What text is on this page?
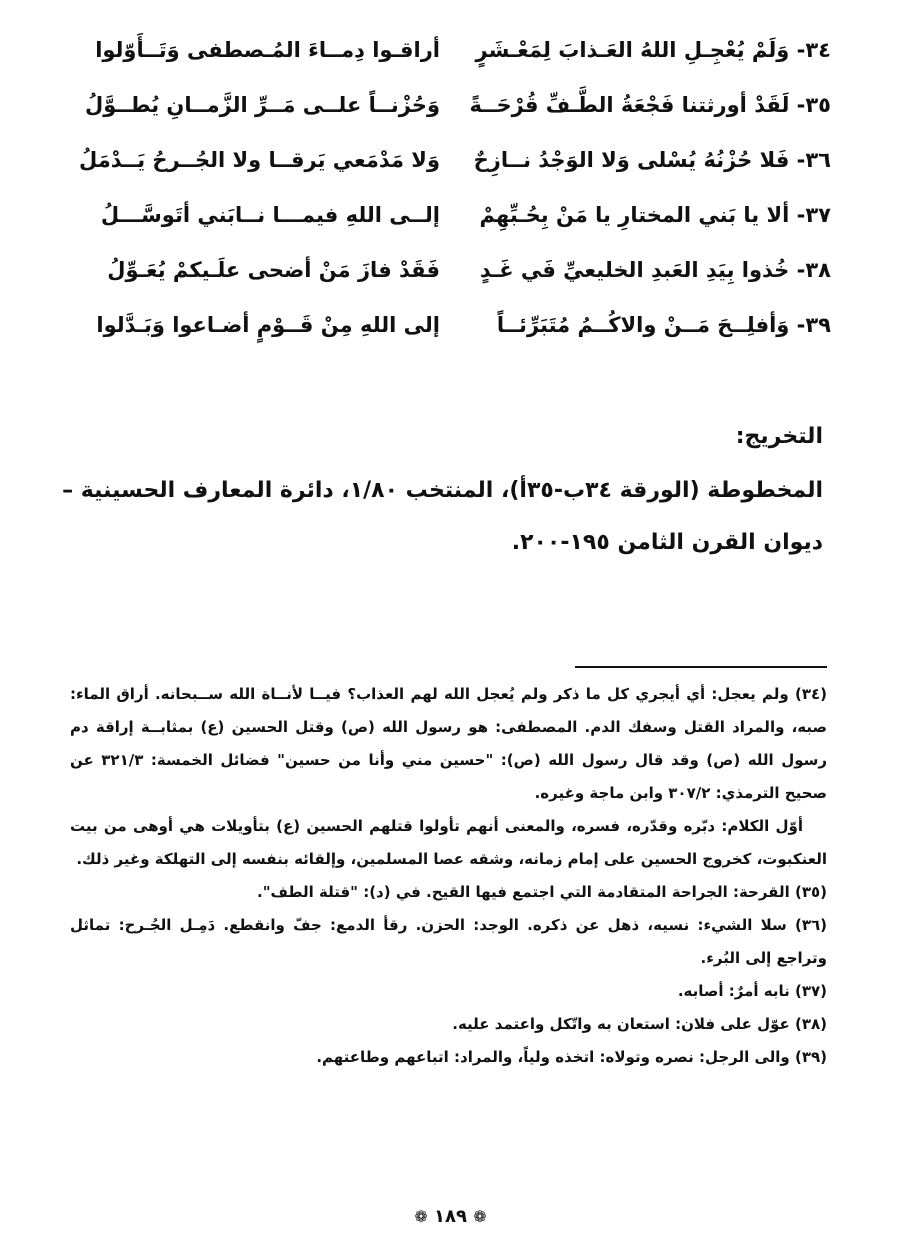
٣٤- وَلَمْ يُعْجِـلِ اللهُ العَـذابَ لِمَعْـشَرٍ
أراقـوا دِمــاءَ المُـصطفى وَتَــأَوّلوا
٣٥- لَقَدْ أورثتنا فَجْعَةُ الطَّـفِّ قُرْحَــةً
وَحُزْنــاً علــى مَــرِّ الزَّمــانِ يُطــوَّلُ
٣٦- فَلا حُزْنُهُ يُسْلى وَلا الوَجْدُ نــازِحٌ
وَلا مَدْمَعي يَرقــا ولا الجُــرحُ يَــدْمَلُ
٣٧- ألا يا بَني المختارِ يا مَنْ بِحُـبِّهِمْ
إلــى اللهِ فيمـــا نــابَني أتَوسَّـــلُ
٣٨- خُذوا بِيَدِ العَبدِ الخليعيِّ فَي غَـدٍ
فَقَدْ فازَ مَنْ أضحى علَـيكمْ يُعَـوِّلُ
٣٩- وَأفلِــحَ مَــنْ والاكُــمُ مُتَبَرِّئــاً
إلى اللهِ مِنْ قَــوْمٍ أضـاعوا وَبَـدَّلوا
التخريج:
المخطوطة (الورقة ٣٤ب-٣٥أ)، المنتخب ١/٨٠، دائرة المعارف الحسينية – ديوان القرن الثامن ١٩٥-٢٠٠.

(٣٤) ولم يعجل: أي أيجري كل ما ذكر ولم يُعجل الله لهم العذاب؟ فيــا لأنــاة الله ســبحانه. أراق الماء: صبه، والمراد القتل وسفك الدم. المصطفى: هو رسول الله (ص) وقتل الحسين (ع) بمثابــة إراقة دم رسول الله (ص) وقد قال رسول الله (ص): "حسين مني وأنا من حسين" فضائل الخمسة: ٣٢١/٣ عن صحيح الترمذي: ٣٠٧/٢ وابن ماجة وغيره.

أوّل الكلام: دبّره وقدّره، فسره، والمعنى أنهم تأولوا قتلهم الحسين (ع) بتأويلات هي أوهى من بيت العنكبوت، كخروج الحسين على إمام زمانه، وشقه عصا المسلمين، وإلقائه بنفسه إلى التهلكة وغير ذلك.

(٣٥) القرحة: الجراحة المتقادمة التي اجتمع فيها القيح. في (د): "قتلة الطف".

(٣٦) سلا الشيء: نسيه، ذهل عن ذكره. الوجد: الحزن. رقأ الدمع: جفّ وانقطع. دَمِـل الجُـرح: تماثل وتراجع إلى البُرء.

(٣٧) نابه أمرٌ: أصابه.

(٣٨) عوّل على فلان: استعان به واتّكل واعتمد عليه.

(٣٩) والى الرجل: نصره وتولاه: اتخذه ولياً، والمراد: اتباعهم وطاعتهم.

❁ ١٨٩ ❁
